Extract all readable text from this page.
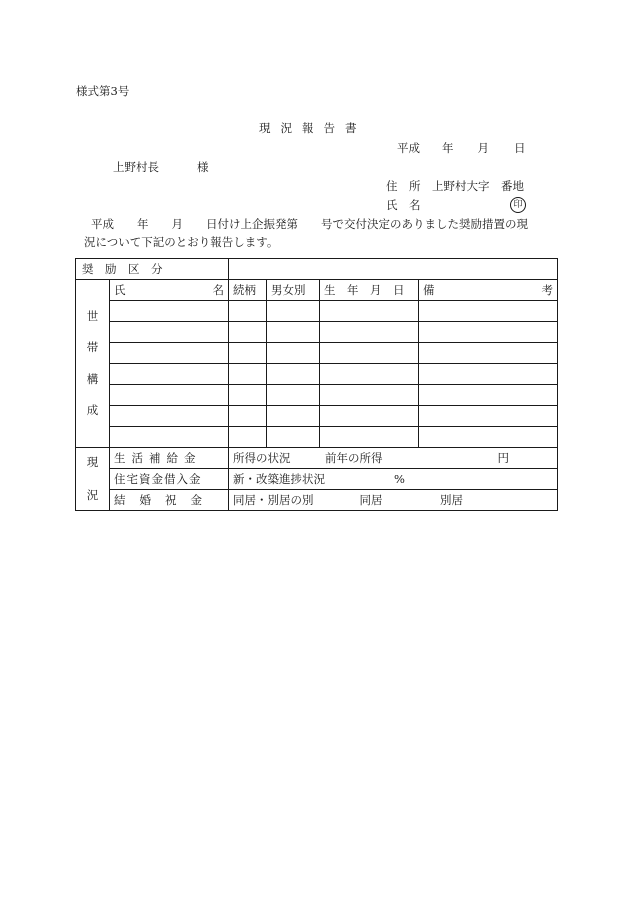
様式第3号
現況報告書
平成 年 月 日
上野村長	様
住　所　 上野村大字　番地
氏　名	印
平成　　年　　月　　日付け上企振発第　　号で交付決定のありました奨励措置の現
況について下記のとおり報告します。
奨　励　区　分					

世
帯
構
成	氏 名	続柄	男女別	生　年　月　日	備 考

現
況	生活補給金	所得の状況　　　前年の所得　　　　　　　　　　円			
	住宅資金借入金	新・改築進捗状況　　　　　　%			
	結婚祝金	同居・別居の別　　　　同居　　　　　別居			
